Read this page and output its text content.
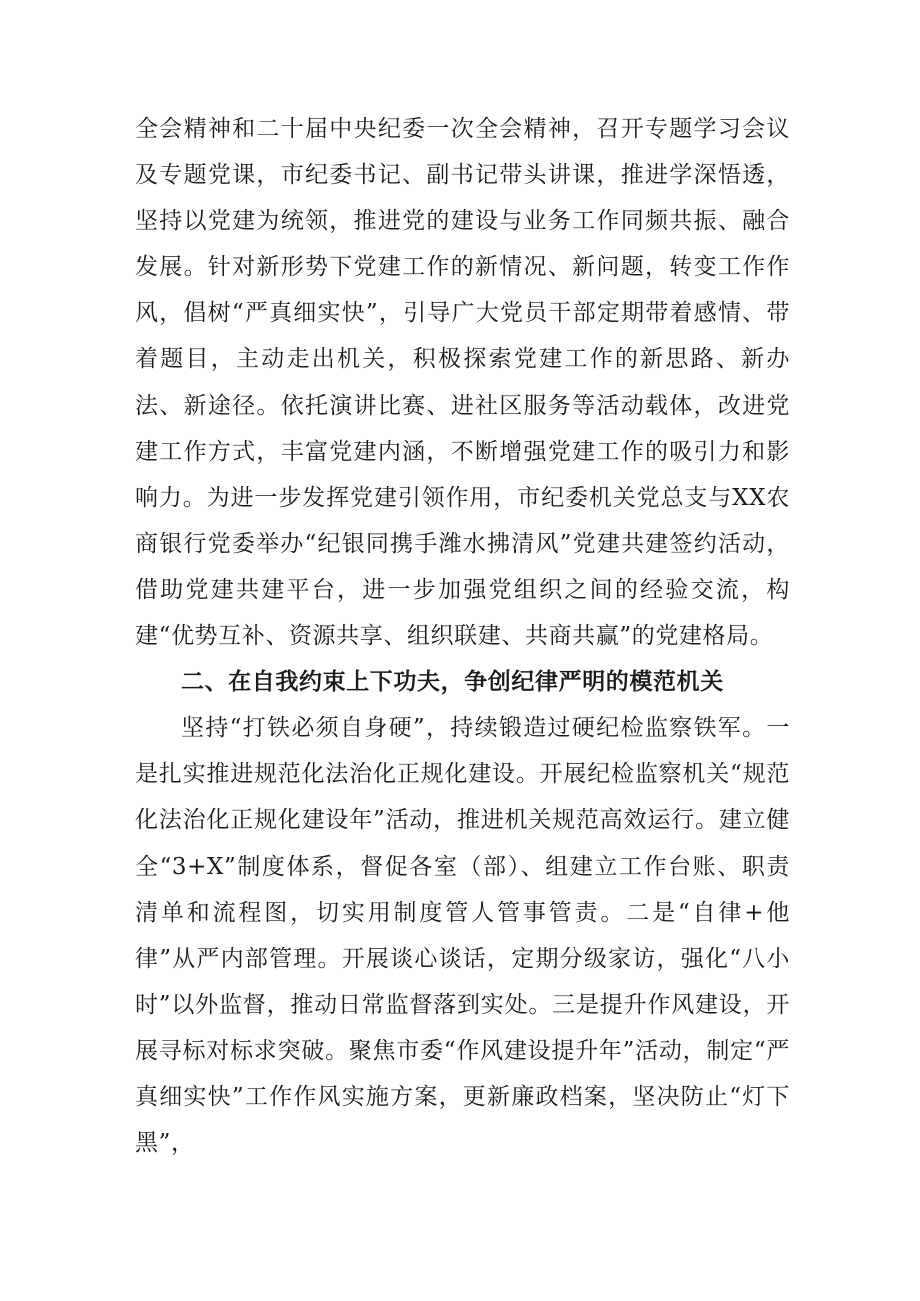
全会精神和二十届中央纪委一次全会精神，召开专题学习会议及专题党课，市纪委书记、副书记带头讲课，推进学深悟透，坚持以党建为统领，推进党的建设与业务工作同频共振、融合发展。针对新形势下党建工作的新情况、新问题，转变工作作风，倡树“严真细实快”，引导广大党员干部定期带着感情、带着题目，主动走出机关，积极探索党建工作的新思路、新办法、新途径。依托演讲比赛、进社区服务等活动载体，改进党建工作方式，丰富党建内涵，不断增强党建工作的吸引力和影响力。为进一步发挥党建引领作用，市纪委机关党总支与XX农商银行党委举办“纪银同携手潍水拂清风”党建共建签约活动，借助党建共建平台，进一步加强党组织之间的经验交流，构建“优势互补、资源共享、组织联建、共商共赢”的党建格局。

二、在自我约束上下功夫，争创纪律严明的模范机关

坚持“打铁必须自身硬”，持续锻造过硬纪检监察铁军。一是扎实推进规范化法治化正规化建设。开展纪检监察机关“规范化法治化正规化建设年”活动，推进机关规范高效运行。建立健全“3+X”制度体系，督促各室（部）、组建立工作台账、职责清单和流程图，切实用制度管人管事管责。二是“自律+他律”从严内部管理。开展谈心谈话，定期分级家访，强化“八小时”以外监督，推动日常监督落到实处。三是提升作风建设，开展寻标对标求突破。聚焦市委“作风建设提升年”活动，制定“严真细实快”工作作风实施方案，更新廉政档案，坚决防止“灯下黑”，
